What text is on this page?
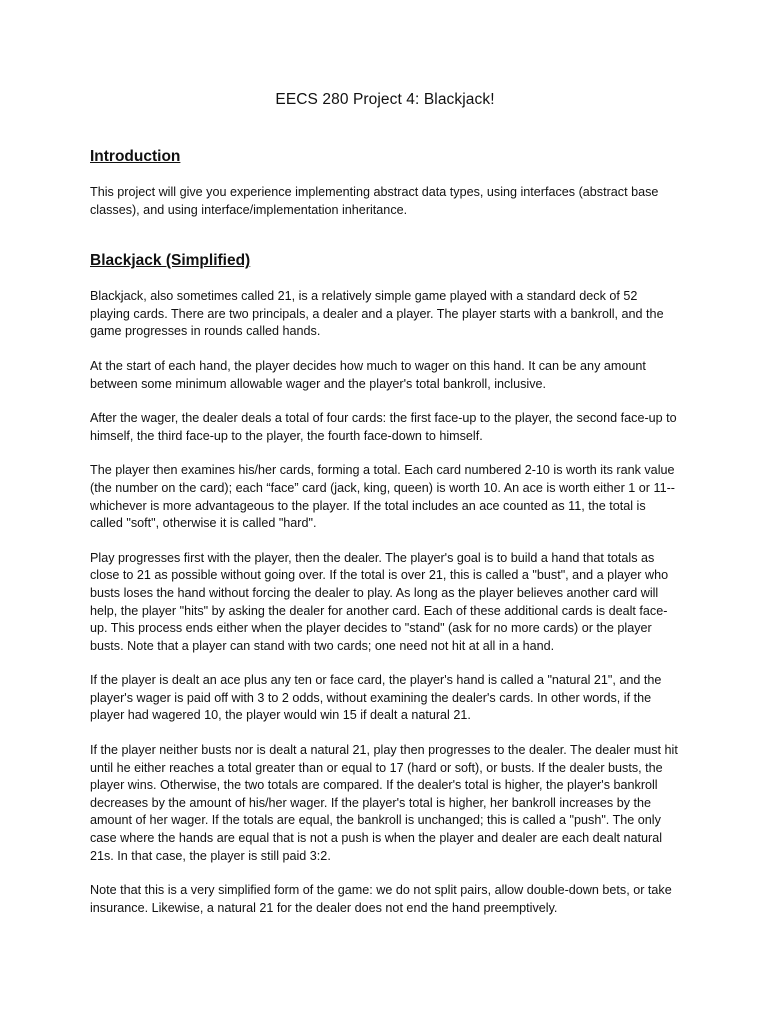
EECS 280 Project 4: Blackjack!
Introduction

This project will give you experience implementing abstract data types, using interfaces (abstract base classes), and using interface/implementation inheritance.

Blackjack (Simplified)

Blackjack, also sometimes called 21, is a relatively simple game played with a standard deck of 52 playing cards. There are two principals, a dealer and a player. The player starts with a bankroll, and the game progresses in rounds called hands.

At the start of each hand, the player decides how much to wager on this hand. It can be any amount between some minimum allowable wager and the player's total bankroll, inclusive.

After the wager, the dealer deals a total of four cards: the first face-up to the player, the second face-up to himself, the third face-up to the player, the fourth face-down to himself.

The player then examines his/her cards, forming a total. Each card numbered 2-10 is worth its rank value (the number on the card); each “face” card (jack, king, queen) is worth 10. An ace is worth either 1 or 11--whichever is more advantageous to the player. If the total includes an ace counted as 11, the total is called "soft", otherwise it is called "hard".

Play progresses first with the player, then the dealer. The player's goal is to build a hand that totals as close to 21 as possible without going over. If the total is over 21, this is called a "bust", and a player who busts loses the hand without forcing the dealer to play. As long as the player believes another card will help, the player "hits" by asking the dealer for another card. Each of these additional cards is dealt face-up. This process ends either when the player decides to "stand" (ask for no more cards) or the player busts. Note that a player can stand with two cards; one need not hit at all in a hand.

If the player is dealt an ace plus any ten or face card, the player's hand is called a "natural 21", and the player's wager is paid off with 3 to 2 odds, without examining the dealer's cards. In other words, if the player had wagered 10, the player would win 15 if dealt a natural 21.

If the player neither busts nor is dealt a natural 21, play then progresses to the dealer. The dealer must hit until he either reaches a total greater than or equal to 17 (hard or soft), or busts. If the dealer busts, the player wins. Otherwise, the two totals are compared. If the dealer's total is higher, the player's bankroll decreases by the amount of his/her wager. If the player's total is higher, her bankroll increases by the amount of her wager. If the totals are equal, the bankroll is unchanged; this is called a "push". The only case where the hands are equal that is not a push is when the player and dealer are each dealt natural 21s. In that case, the player is still paid 3:2.

Note that this is a very simplified form of the game: we do not split pairs, allow double-down bets, or take insurance. Likewise, a natural 21 for the dealer does not end the hand preemptively.
